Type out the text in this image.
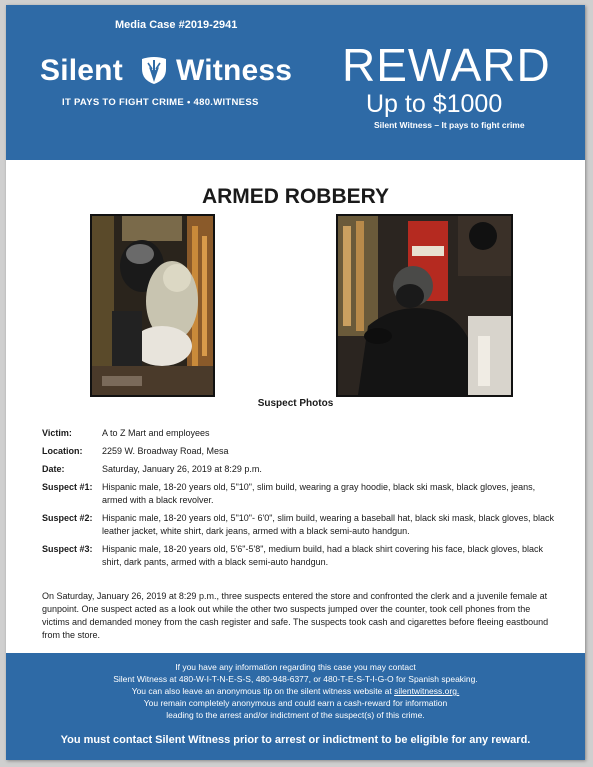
Media Case #2019-2941
Silent Witness
IT PAYS TO FIGHT CRIME • 480.WITNESS
REWARD
Up to $1000
Silent Witness – It pays to fight crime
ARMED ROBBERY
Suspect Photos
Victim:	A to Z Mart and employees
Location:	2259 W. Broadway Road, Mesa
Date:	Saturday, January 26, 2019 at 8:29 p.m.
Suspect #1:	Hispanic male, 18-20 years old, 5"10", slim build, wearing a gray hoodie, black ski mask, black gloves, jeans, armed with a black revolver.
Suspect #2:	Hispanic male, 18-20 years old, 5"10"- 6'0", slim build, wearing a baseball hat, black ski mask, black gloves, black leather jacket, white shirt, dark jeans, armed with a black semi-auto handgun.
Suspect #3:	Hispanic male, 18-20 years old, 5'6"-5'8", medium build, had a black shirt covering his face, black gloves, black shirt, dark pants, armed with a black semi-auto handgun.
On Saturday, January 26, 2019 at 8:29 p.m., three suspects entered the store and confronted the clerk and a juvenile female at gunpoint. One suspect acted as a look out while the other two suspects jumped over the counter, took cell phones from the victims and demanded money from the cash register and safe. The suspects took cash and cigarettes before fleeing eastbound from the store.
If you have any information regarding this case you may contact
Silent Witness at 480-W-I-T-N-E-S-S, 480-948-6377, or 480-T-E-S-T-I-G-O for Spanish speaking.
You can also leave an anonymous tip on the silent witness website at silentwitness.org.
You remain completely anonymous and could earn a cash-reward for information
leading to the arrest and/or indictment of the suspect(s) of this crime.
You must contact Silent Witness prior to arrest or indictment to be eligible for any reward.
